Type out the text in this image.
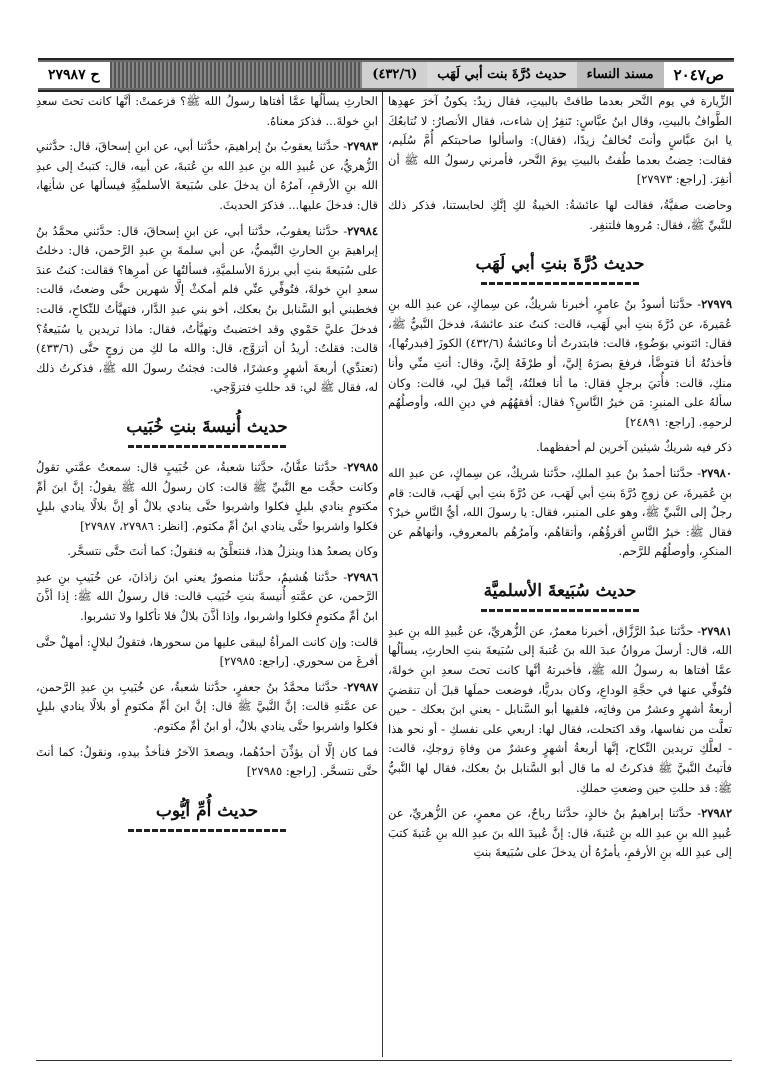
ص٢٠٤٧
مسند النساء
حديث دُرَّةَ بنت أبي لَهَب
(٤٣٢/٦)
ح ٢٧٩٨٧

الزِّيارة في يوم النَّحر بعدما طافتْ بالبيتِ، فقال زيدٌ: يكونُ آخرَ عهدِها الطَّوافُ بالبيتِ، وقال ابنُ عبَّاسٍ: تَنفِرُ إن شاءت، فقال الأنصارُ: لا نُتابعُكَ يا ابنَ عبَّاسٍ وأنتَ تُخالفُ زيدًا، (فقال): واسألوا صاحبتكم أُمَّ سُلَيم، فقالت: حِضتُ بعدما طُفتُ بالبيتِ يومَ النَّحر، فأمرني رسولُ الله ﷺ أن أنفِرَ. [راجع: ٢٧٩٧٣]

وحاضت صفيَّةُ، فقالت لها عائشةُ: الخيبةُ لكِ إنَّكِ لحابستنا، فذكر ذلك للنَّبيِّ ﷺ، فقال: مُروها فلتنفِر.

حديث دُرَّةَ بنتِ أبي لَهَب

٢٧٩٧٩- حدَّثنا أسودُ بنُ عامرٍ، أخبرنا شريكٌ، عن سِماكٍ، عن عبدِ الله بنِ عُمَيرةَ، عن دُرَّةَ بنتِ أبي لَهَب، قالت: كنتُ عند عائشةَ، فدخلَ النَّبيُّ ﷺ، فقال: ائتوني بوَضُوءٍ، قالت: فابتدرتُ أنا وعائشةُ (٤٣٢/٦) الكوزَ [فبدرتُها]، فأخذتُهُ أنا فتوضَّأ، فرفعَ بصرَهُ إليَّ، أو طرْفَهُ إليَّ، وقال: أنتِ منِّي وأنا منكِ، قالت: فأُتيَ برجلٍ فقال: ما أنا فعلتُهُ، إنَّما قيلَ لي، قالت: وكان سألهُ على المنبرِ: مَن خيرُ النَّاسِ؟ فقال: أفقهُهُم في دينِ الله، وأوصلُهُم لرحمِهِ. [راجع: ٢٤٨٩١]

ذكر فيه شريكٌ شيئين آخرين لم أحفظهما.

٢٧٩٨٠- حدَّثنا أحمدُ بنُ عبدِ الملكِ، حدَّثنا شريكٌ، عن سِماكٍ، عن عبدِ الله بنِ عُمَيرةَ، عن زوجِ دُرَّةَ بنتِ أبي لَهَب، عن دُرَّةَ بنتِ أبي لَهَب، قالت: قام رجلٌ إلى النَّبيِّ ﷺ، وهو على المنبر، فقال: يا رسولَ الله، أيُّ النَّاسِ خيرٌ؟ فقال ﷺ: خيرُ النَّاسِ أقرؤُهُم، وأتقاهُم، وآمرُهُم بالمعروفِ، وأنهاهُم عن المنكرِ، وأوصلُهُم للرَّحم.

حديث سُبَيعةَ الأسلميَّة

٢٧٩٨١- حدَّثنا عبدُ الرَّزَّاق، أخبرنا معمرٌ، عن الزُّهريِّ، عن عُبيدِ الله بنِ عبدِ الله، قال: أرسلَ مروانُ عبدَ الله بنَ عُتبةَ إلى سُبَيعةَ بنتِ الحارثِ، يسألُها عمَّا أفتاها به رسولُ الله ﷺ، فأخبرتهُ أنَّها كانت تحتَ سعدِ ابنِ خولةَ، فتُوفِّي عنها في حجَّةِ الوداعِ، وكان بدريًّا، فوضعت حملَها قبلَ أن تنقضيَ أربعةُ أشهرٍ وعشرٌ من وفاتِه، فلقيها أبو السَّنابل - يعني ابنَ بعكك - حين تعلَّت من نفاسها، وقد اكتحلت، فقال لها: اربعي على نفسكِ - أو نحو هذا - لعلَّكِ تريدين النِّكاح، إنَّها أربعةُ أشهرٍ وعشرٌ من وفاةِ زوجكِ، قالت: فأتيتُ النَّبيَّ ﷺ فذكرتُ له ما قال أبو السَّنابل بنُ بعكك، فقال لها النَّبيُّ ﷺ: قد حللتِ حين وضعتِ حملكِ.

٢٧٩٨٢- حدَّثنا إبراهيمُ بنُ خالدٍ، حدَّثنا رباحٌ، عن معمرٍ، عن الزُّهريِّ، عن عُبيدِ الله بنِ عبدِ الله بنِ عُتبةَ، قال: إنَّ عُبيدَ الله بنَ عبدِ الله بنِ عُتبةَ كتبَ إلى عبدِ الله بنِ الأرقمِ، يأمرُهُ أن يدخلَ على سُبَيعةَ بنتِ

الحارثِ يسألُها عمَّا أفتاها رسولُ الله ﷺ؟ فزعمتْ: أنَّها كانت تحتَ سعدِ ابنِ خولةَ... فذكرَ معناهُ.

٢٧٩٨٣- حدَّثنا يعقوبُ بنُ إبراهيمَ، حدَّثنا أبي، عن ابنِ إسحاقَ، قال: حدَّثني الزُّهريُّ، عن عُبيدِ الله بنِ عبدِ الله بنِ عُتبةَ، عن أبيه، قال: كتبتُ إلى عبدِ الله بنِ الأرقمِ، آمرُهُ أن يدخلَ على سُبَيعةَ الأسلميَّةِ فيسألها عن شأنِها، قال: فدخلَ عليها... فذكرَ الحديثَ.

٢٧٩٨٤- حدَّثنا يعقوبُ، حدَّثنا أبي، عن ابنِ إسحاقَ، قال: حدَّثني محمَّدُ بنُ إبراهيمَ بنِ الحارثِ التَّيميُّ، عن أبي سلمةَ بنِ عبدِ الرَّحمن، قال: دخلتُ على سُبَيعةَ بنتِ أبي برزةَ الأسلميَّةِ، فسألتُها عن أمرِها؟ فقالت: كنتُ عندَ سعدِ ابنِ خولةَ، فتُوفِّي عنِّي فلم أمكثْ إلَّا شهرين حتَّى وضعتُ، قالت: فخطبني أبو السَّنابل بنُ بعكك، أخو بني عبدِ الدَّار، فتهيَّأتُ للنِّكاحِ، قالت: فدخلَ عليَّ حَمْوي وقد اختضبتُ وتهيَّأتُ، فقال: ماذا تريدين يا سُبَيعةُ؟ قالت: فقلتُ: أريدُ أن أتزوَّج، قال: والله ما لكِ من زوجٍ حتَّى (٤٣٣/٦) (تعتدِّي) أربعةَ أشهرٍ وعشرًا، قالت: فجئتُ رسولَ الله ﷺ، فذكرتُ ذلك له، فقال ﷺ لي: قد حللتِ فتزوَّجي.

حديث أُنيسةَ بنتِ خُبَيب

٢٧٩٨٥- حدَّثنا عفَّانُ، حدَّثنا شعبةُ، عن خُبَيبٍ قال: سمعتُ عمَّتي تقولُ وكانت حجَّت مع النَّبيِّ ﷺ قالت: كان رسولُ الله ﷺ يقولُ: إنَّ ابنَ أمِّ مكتومٍ ينادي بليلٍ فكلوا واشربوا حتَّى ينادي بلالٌ أو إنَّ بلالًا ينادي بليلٍ فكلوا واشربوا حتَّى ينادي ابنُ أمِّ مكتوم. [انظر: ٢٧٩٨٦، ٢٧٩٨٧]

وكان يصعدُ هذا وينزلُ هذا، فنتعلَّقُ به فنقولُ: كما أنتَ حتَّى نتسحَّر.

٢٧٩٨٦- حدَّثنا هُشيمٌ، حدَّثنا منصورٌ يعني ابنَ زاذانَ، عن خُبَيبِ بنِ عبدِ الرَّحمن، عن عمَّتهِ أُنيسةَ بنتِ خُبَيب قالت: قال رسولُ الله ﷺ: إذا أذَّنَ ابنُ أمِّ مكتومٍ فكلوا واشربوا، وإذا أذَّنَ بلالٌ فلا تأكلوا ولا تشربوا.

قالت: وإن كانت المرأةُ ليبقى عليها من سحورها، فتقولُ لبلالٍ: أمهلْ حتَّى أفرغَ من سحوري. [راجع: ٢٧٩٨٥]

٢٧٩٨٧- حدَّثنا محمَّدُ بنُ جعفرٍ، حدَّثنا شعبةُ، عن خُبَيبِ بنِ عبدِ الرَّحمن، عن عمَّتهِ قالت: إنَّ النَّبيَّ ﷺ قال: إنَّ ابنَ أمِّ مكتومٍ أو بلالًا ينادي بليلٍ فكلوا واشربوا حتَّى ينادي بلالٌ، أو ابنُ أمِّ مكتوم.

فما كان إلَّا أن يؤذِّنَ أحدُهُما، ويصعدَ الآخرُ فنأخذُ بيدهِ، ونقولُ: كما أنتَ حتَّى نتسحَّر. [راجع: ٢٧٩٨٥]

حديث أُمِّ أيُّوب
